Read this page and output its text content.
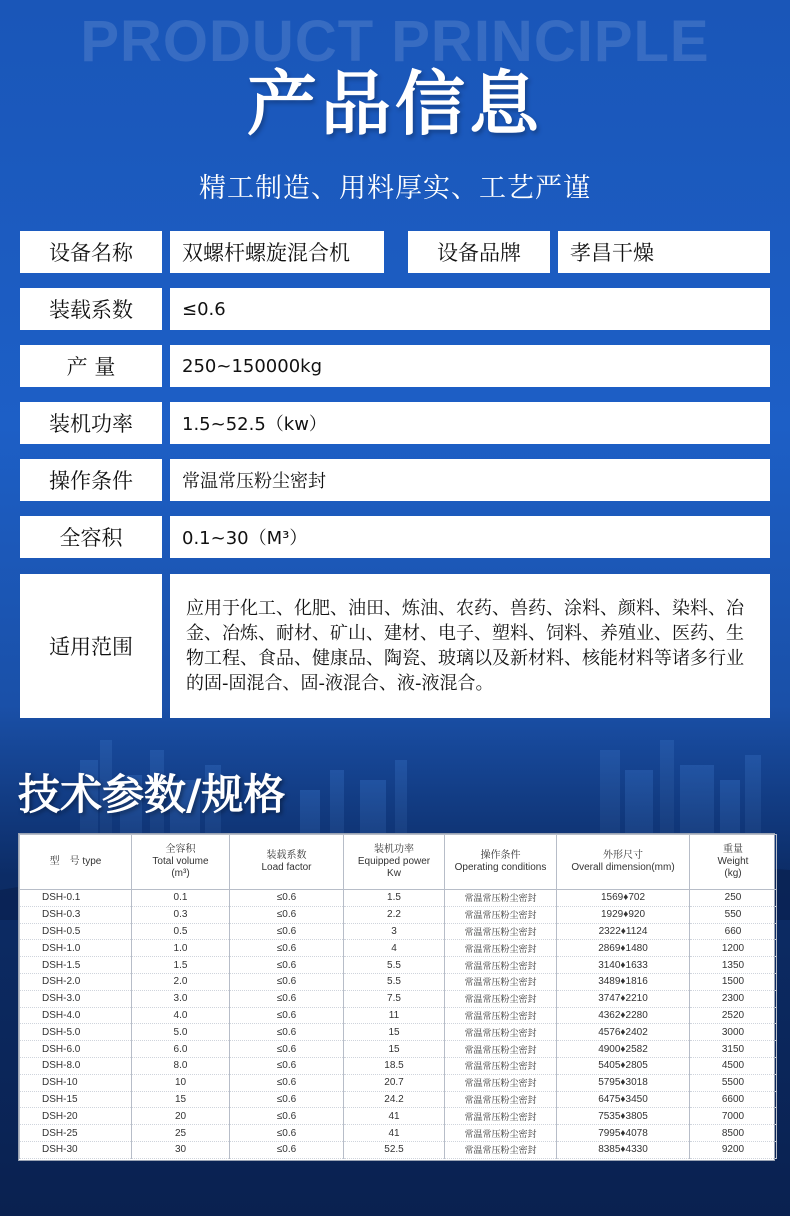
PRODUCT PRINCIPLE
产品信息
精工制造、用料厚实、工艺严谨
设备名称	双螺杆螺旋混合机	设备品牌	孝昌干燥
装载系数	≤0.6
产 量	250~150000kg
装机功率	1.5~52.5（kw）
操作条件	常温常压粉尘密封
全容积	0.1~30（M³）
适用范围
应用于化工、化肥、油田、炼油、农药、兽药、涂料、颜料、染料、冶金、冶炼、耐材、矿山、建材、电子、塑料、饲料、养殖业、医药、生物工程、食品、健康品、陶瓷、玻璃以及新材料、核能材料等诸多行业的固-固混合、固-液混合、液-液混合。
技术参数/规格
型　号 type	全容积
Total volume
(m³)	装载系数
Load factor	装机功率
Equipped power
Kw	操作条件
Operating conditions	外形尺寸
Overall dimension(mm)	重量
Weight
(kg)

DSH-0.1	0.1	≤0.6	1.5	常温常压粉尘密封	1569♦702	250
DSH-0.3	0.3	≤0.6	2.2	常温常压粉尘密封	1929♦920	550
DSH-0.5	0.5	≤0.6	3	常温常压粉尘密封	2322♦1124	660
DSH-1.0	1.0	≤0.6	4	常温常压粉尘密封	2869♦1480	1200
DSH-1.5	1.5	≤0.6	5.5	常温常压粉尘密封	3140♦1633	1350
DSH-2.0	2.0	≤0.6	5.5	常温常压粉尘密封	3489♦1816	1500
DSH-3.0	3.0	≤0.6	7.5	常温常压粉尘密封	3747♦2210	2300
DSH-4.0	4.0	≤0.6	11	常温常压粉尘密封	4362♦2280	2520
DSH-5.0	5.0	≤0.6	15	常温常压粉尘密封	4576♦2402	3000
DSH-6.0	6.0	≤0.6	15	常温常压粉尘密封	4900♦2582	3150
DSH-8.0	8.0	≤0.6	18.5	常温常压粉尘密封	5405♦2805	4500
DSH-10	10	≤0.6	20.7	常温常压粉尘密封	5795♦3018	5500
DSH-15	15	≤0.6	24.2	常温常压粉尘密封	6475♦3450	6600
DSH-20	20	≤0.6	41	常温常压粉尘密封	7535♦3805	7000
DSH-25	25	≤0.6	41	常温常压粉尘密封	7995♦4078	8500
DSH-30	30	≤0.6	52.5	常温常压粉尘密封	8385♦4330	9200
